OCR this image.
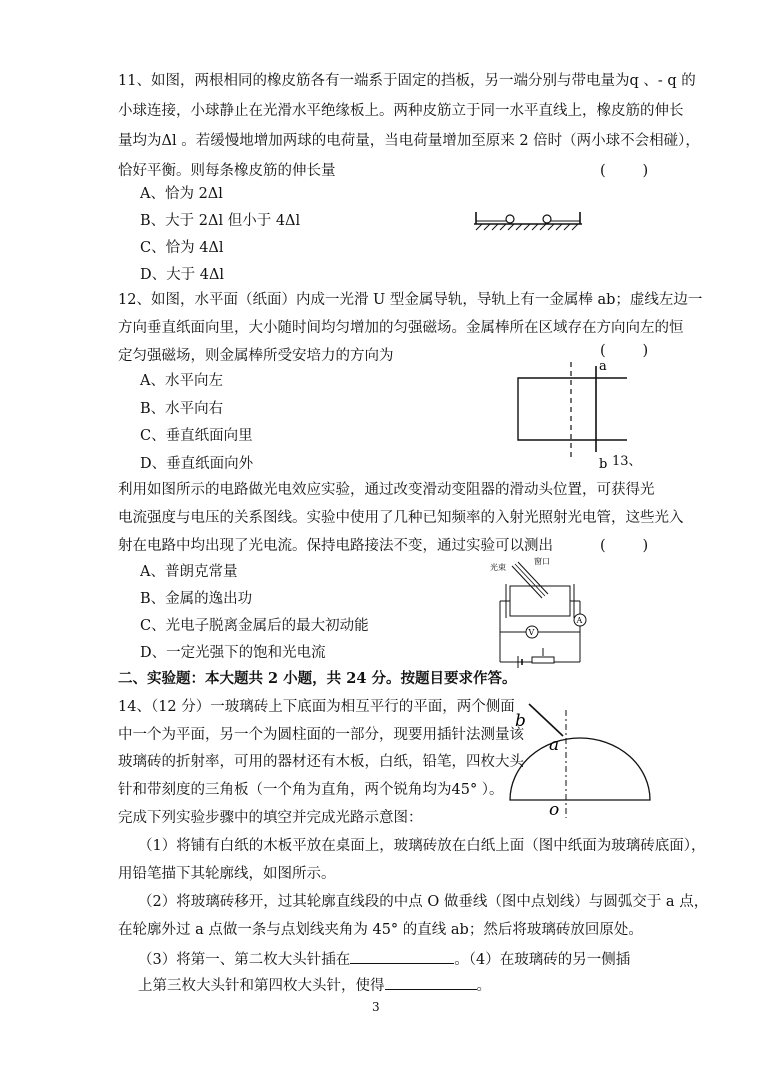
11、如图，两根相同的橡皮筋各有一端系于固定的挡板，另一端分别与带电量为q 、- q 的
小球连接，小球静止在光滑水平绝缘板上。两种皮筋立于同一水平直线上，橡皮筋的伸长
量均为Δl 。若缓慢地增加两球的电荷量，当电荷量增加至原来 2 倍时（两小球不会相碰），
恰好平衡。则每条橡皮筋的伸长量	(        )
A、恰为 2Δl
B、大于 2Δl 但小于 4Δl
C、恰为 4Δl
D、大于 4Δl
12、如图，水平面（纸面）内成一光滑 U 型金属导轨，导轨上有一金属棒 ab；虚线左边一
方向垂直纸面向里，大小随时间均匀增加的匀强磁场。金属棒所在区域存在方向向左的恒
定匀强磁场，则金属棒所受安培力的方向为	(        )
A、水平向左
B、水平向右
C、垂直纸面向里
D、垂直纸面向外
a
b 13、
利用如图所示的电路做光电效应实验，通过改变滑动变阻器的滑动头位置，可获得光
电流强度与电压的关系图线。实验中使用了几种已知频率的入射光照射光电管，这些光入
射在电路中均出现了光电流。保持电路接法不变，通过实验可以测出	(        )
A、普朗克常量
B、金属的逸出功
C、光电子脱离金属后的最大初动能
D、一定光强下的饱和光电流
光束
窗口
V
A
二、实验题：本大题共 2 小题，共 24 分。按题目要求作答。
14、（12 分）一玻璃砖上下底面为相互平行的平面，两个侧面
中一个为平面，另一个为圆柱面的一部分，现要用插针法测量该
玻璃砖的折射率，可用的器材还有木板，白纸，铅笔，四枚大头
针和带刻度的三角板（一个角为直角，两个锐角均为45° ）。
完成下列实验步骤中的填空并完成光路示意图：
b
a
o
（1）将铺有白纸的木板平放在桌面上，玻璃砖放在白纸上面（图中纸面为玻璃砖底面），
用铅笔描下其轮廓线，如图所示。
（2）将玻璃砖移开，过其轮廓直线段的中点 O 做垂线（图中点划线）与圆弧交于 a 点，
在轮廓外过 a 点做一条与点划线夹角为 45° 的直线 ab；然后将玻璃砖放回原处。
（3）将第一、第二枚大头针插在	。（4）在玻璃砖的另一侧插
上第三枚大头针和第四枚大头针，使得	。
3
